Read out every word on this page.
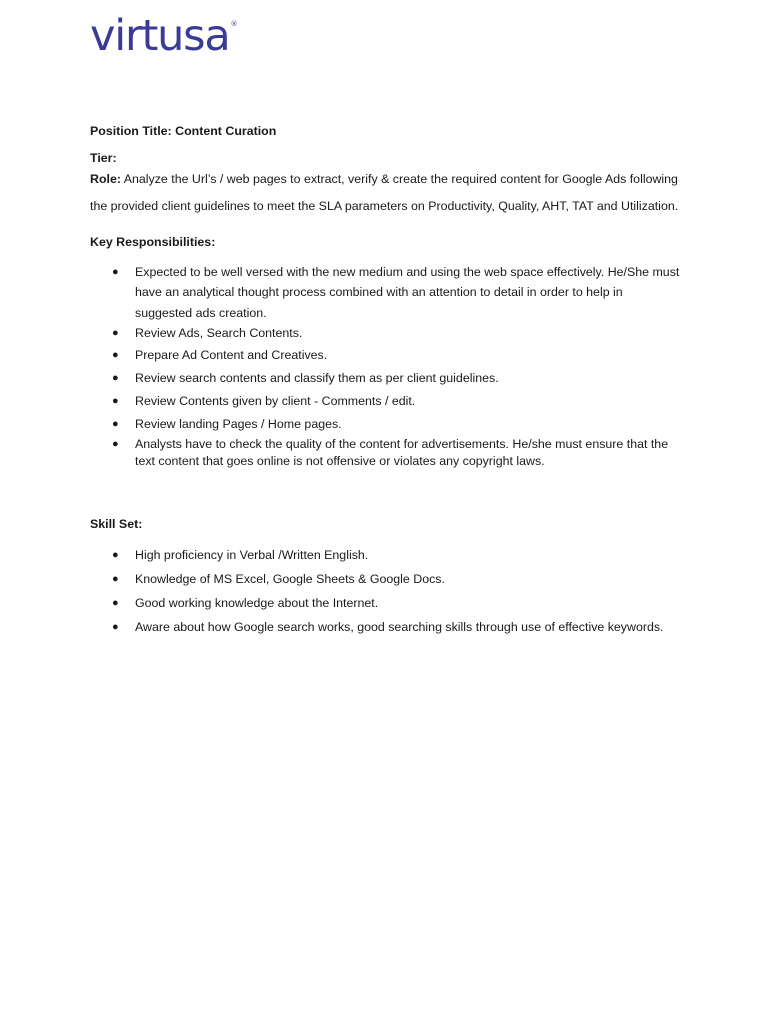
virtusa ®

Position Title: Content Curation

Tier:

Role: Analyze the Url’s / web pages to extract, verify & create the required content for Google Ads following the provided client guidelines to meet the SLA parameters on Productivity, Quality, AHT, TAT and Utilization.

Key Responsibilities:

● Expected to be well versed with the new medium and using the web space effectively. He/She must have an analytical thought process combined with an attention to detail in order to help in suggested ads creation.
● Review Ads, Search Contents.
● Prepare Ad Content and Creatives.
● Review search contents and classify them as per client guidelines.
● Review Contents given by client - Comments / edit.
● Review landing Pages / Home pages.
● Analysts have to check the quality of the content for advertisements. He/she must ensure that the text content that goes online is not offensive or violates any copyright laws.

Skill Set:

● High proficiency in Verbal /Written English.
● Knowledge of MS Excel, Google Sheets & Google Docs.
● Good working knowledge about the Internet.
● Aware about how Google search works, good searching skills through use of effective keywords.
